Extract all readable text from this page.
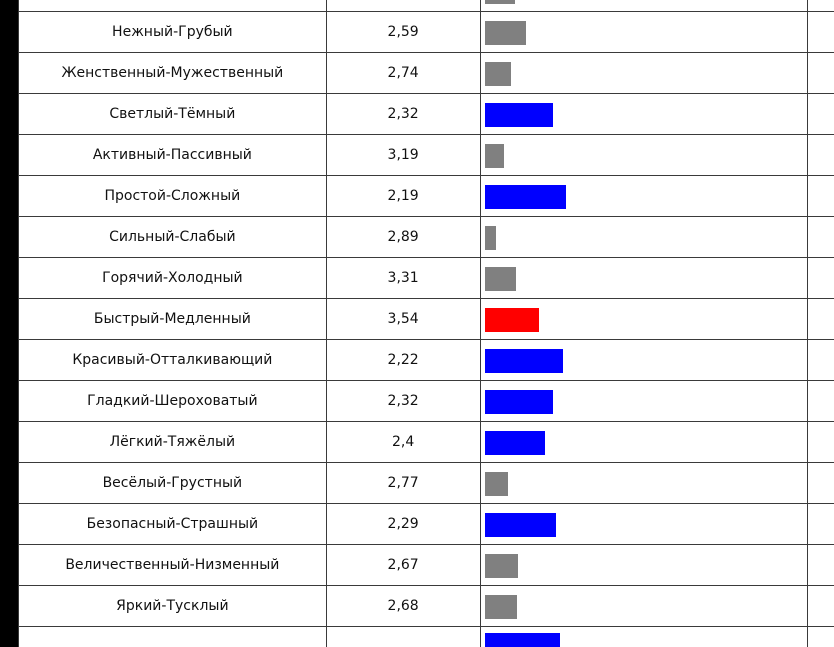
Нежный-Грубый	2,59	

Женственный-Мужественный	2,74	

Светлый-Тёмный	2,32	

Активный-Пассивный	3,19	

Простой-Сложный	2,19	

Сильный-Слабый	2,89	

Горячий-Холодный	3,31	

Быстрый-Медленный	3,54	

Красивый-Отталкивающий	2,22	

Гладкий-Шероховатый	2,32	

Лёгкий-Тяжёлый	2,4	

Весёлый-Грустный	2,77	

Безопасный-Страшный	2,29	

Величественный-Низменный	2,67	

Яркий-Тусклый	2,68	
